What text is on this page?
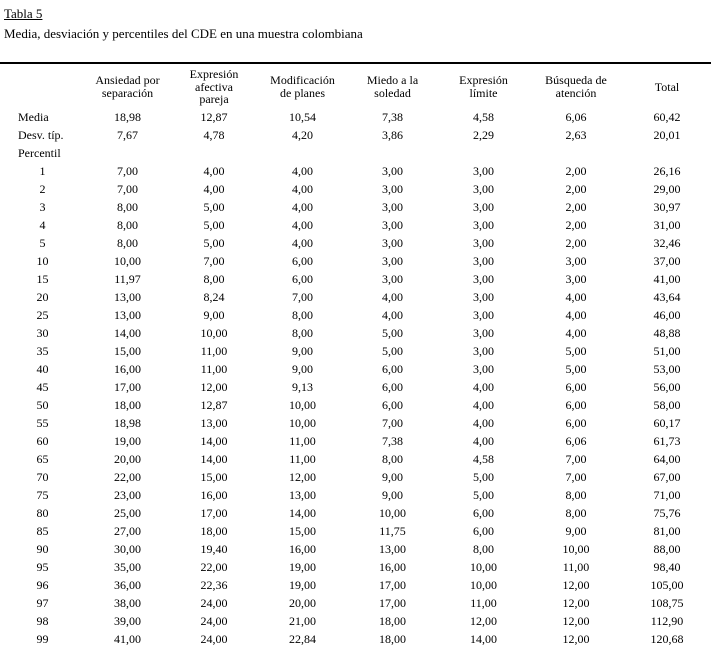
Tabla 5
Media, desviación y percentiles del CDE en una muestra colombiana
	Ansiedad por separación	Expresión afectiva pareja	Modificación de planes	Miedo a la soledad	Expresión límite	Búsqueda de atención	Total
Media	18,98	12,87	10,54	7,38	4,58	6,06	60,42
Desv. típ.	7,67	4,78	4,20	3,86	2,29	2,63	20,01
Percentil							
1	7,00	4,00	4,00	3,00	3,00	2,00	26,16
2	7,00	4,00	4,00	3,00	3,00	2,00	29,00
3	8,00	5,00	4,00	3,00	3,00	2,00	30,97
4	8,00	5,00	4,00	3,00	3,00	2,00	31,00
5	8,00	5,00	4,00	3,00	3,00	2,00	32,46
10	10,00	7,00	6,00	3,00	3,00	3,00	37,00
15	11,97	8,00	6,00	3,00	3,00	3,00	41,00
20	13,00	8,24	7,00	4,00	3,00	4,00	43,64
25	13,00	9,00	8,00	4,00	3,00	4,00	46,00
30	14,00	10,00	8,00	5,00	3,00	4,00	48,88
35	15,00	11,00	9,00	5,00	3,00	5,00	51,00
40	16,00	11,00	9,00	6,00	3,00	5,00	53,00
45	17,00	12,00	9,13	6,00	4,00	6,00	56,00
50	18,00	12,87	10,00	6,00	4,00	6,00	58,00
55	18,98	13,00	10,00	7,00	4,00	6,00	60,17
60	19,00	14,00	11,00	7,38	4,00	6,06	61,73
65	20,00	14,00	11,00	8,00	4,58	7,00	64,00
70	22,00	15,00	12,00	9,00	5,00	7,00	67,00
75	23,00	16,00	13,00	9,00	5,00	8,00	71,00
80	25,00	17,00	14,00	10,00	6,00	8,00	75,76
85	27,00	18,00	15,00	11,75	6,00	9,00	81,00
90	30,00	19,40	16,00	13,00	8,00	10,00	88,00
95	35,00	22,00	19,00	16,00	10,00	11,00	98,40
96	36,00	22,36	19,00	17,00	10,00	12,00	105,00
97	38,00	24,00	20,00	17,00	11,00	12,00	108,75
98	39,00	24,00	21,00	18,00	12,00	12,00	112,90
99	41,00	24,00	22,84	18,00	14,00	12,00	120,68
